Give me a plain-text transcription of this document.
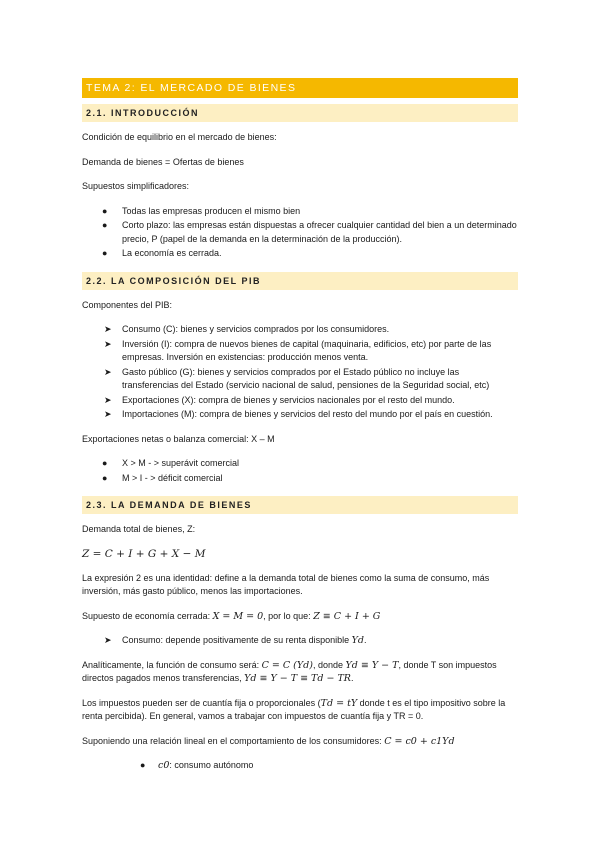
TEMA 2: EL MERCADO DE BIENES
2.1. INTRODUCCIÓN

Condición de equilibrio en el mercado de bienes:

Demanda de bienes = Ofertas de bienes

Supuestos simplificadores:

● Todas las empresas producen el mismo bien
● Corto plazo: las empresas están dispuestas a ofrecer cualquier cantidad del bien a un determinado precio, P (papel de la demanda en la determinación de la producción).
● La economía es cerrada.
2.2. LA COMPOSICIÓN DEL PIB

Componentes del PIB:

➤ Consumo (C): bienes y servicios comprados por los consumidores.
➤ Inversión (I): compra de nuevos bienes de capital (maquinaria, edificios, etc) por parte de las empresas. Inversión en existencias: producción menos venta.
➤ Gasto público (G): bienes y servicios comprados por el Estado público no incluye las transferencias del Estado (servicio nacional de salud, pensiones de la Seguridad social, etc)
➤ Exportaciones (X): compra de bienes y servicios nacionales por el resto del mundo.
➤ Importaciones (M): compra de bienes y servicios del resto del mundo por el país en cuestión.

Exportaciones netas o balanza comercial: X – M

● X > M - > superávit comercial
● M > I - > déficit comercial
2.3. LA DEMANDA DE BIENES

Demanda total de bienes, Z:

Z = C + I + G + X − M

La expresión 2 es una identidad: define a la demanda total de bienes como la suma de consumo, más inversión, más gasto público, menos las importaciones.

Supuesto de economía cerrada: X = M = 0, por lo que: Z ≡ C + I + G

➤ Consumo: depende positivamente de su renta disponible Yd.

Analíticamente, la función de consumo será: C = C (Yd), donde Yd ≡ Y − T, donde T son impuestos directos pagados menos transferencias, Yd ≡ Y − T ≡ Td − TR.

Los impuestos pueden ser de cuantía fija o proporcionales (Td = tY donde t es el tipo impositivo sobre la renta percibida). En general, vamos a trabajar con impuestos de cuantía fija y TR = 0.

Suponiendo una relación lineal en el comportamiento de los consumidores: C = c0 + c1Yd

● c0: consumo autónomo
